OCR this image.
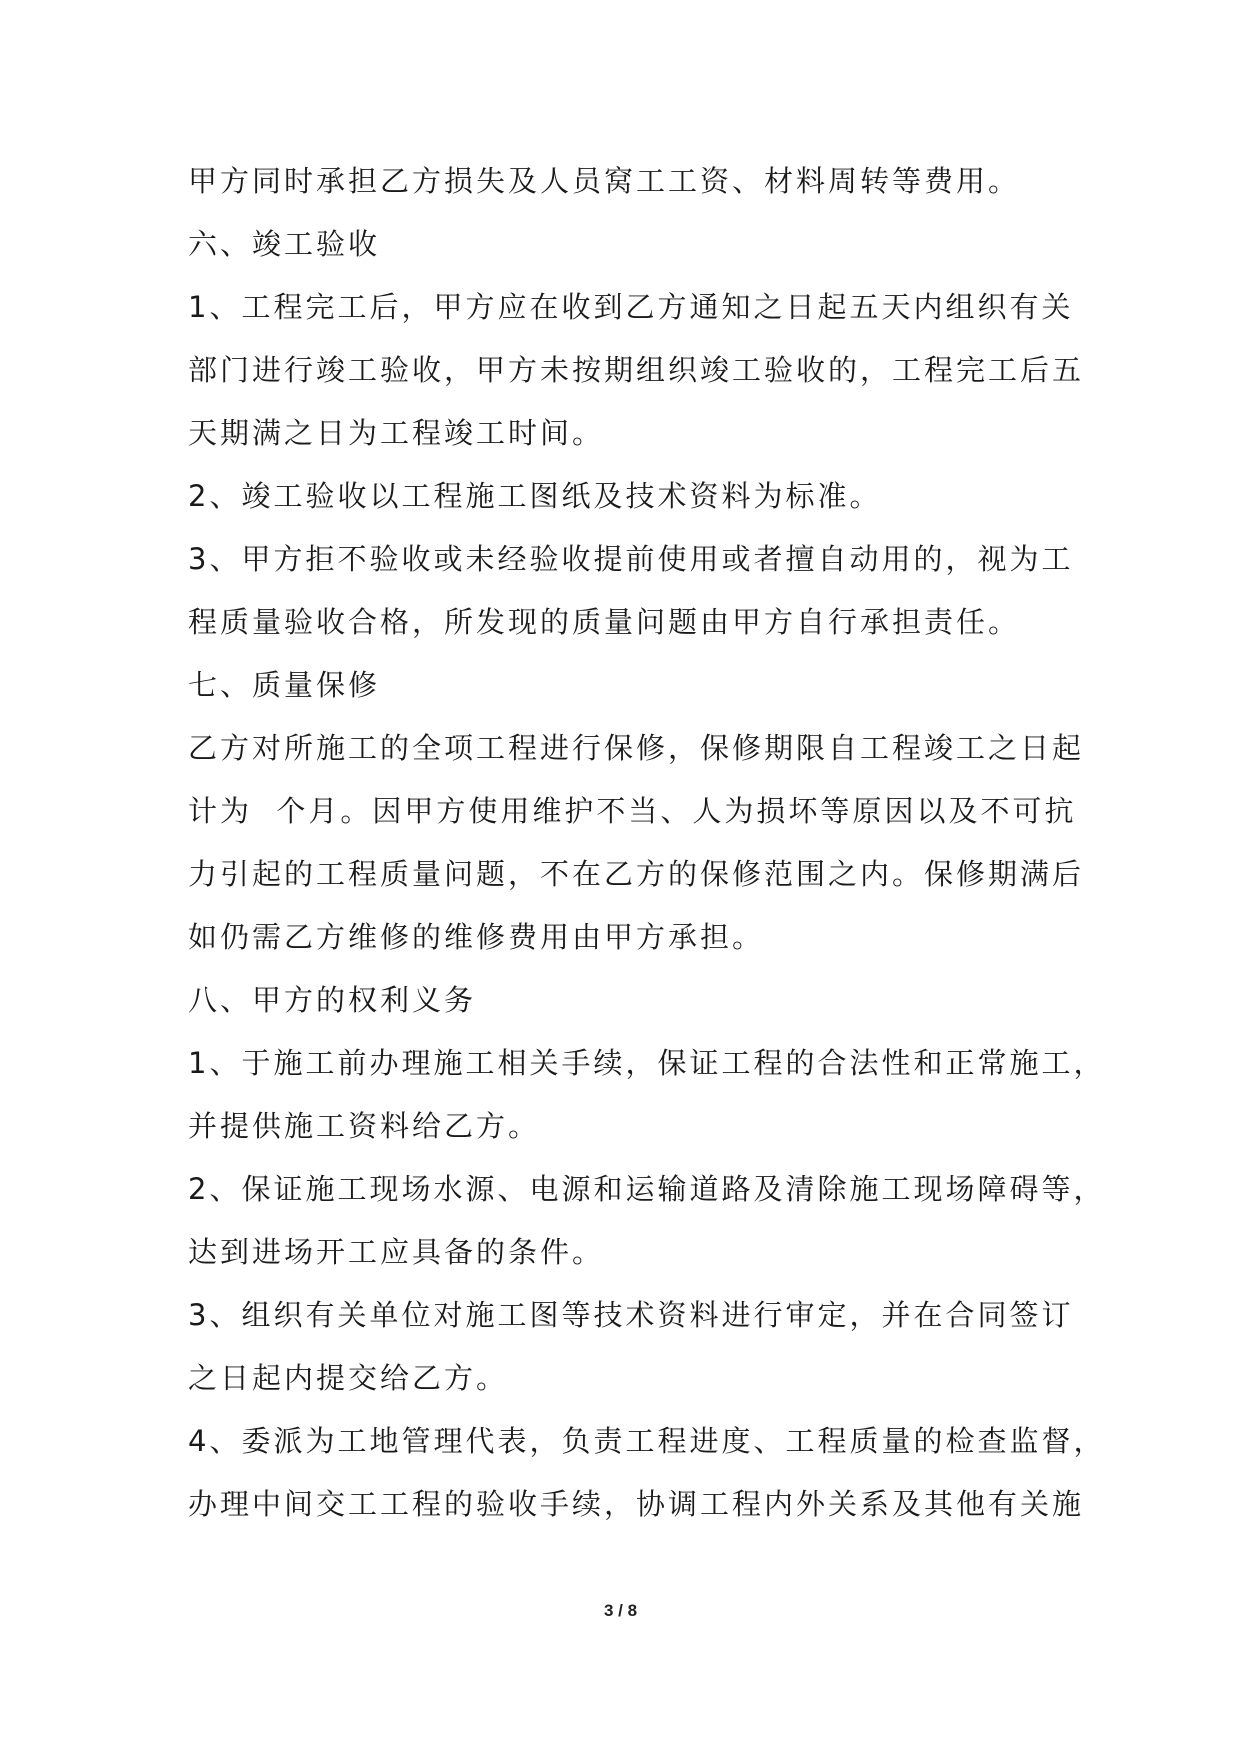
甲方同时承担乙方损失及人员窝工工资、材料周转等费用。
六、竣工验收
1、工程完工后，甲方应在收到乙方通知之日起五天内组织有关
部门进行竣工验收，甲方未按期组织竣工验收的，工程完工后五
天期满之日为工程竣工时间。
2、竣工验收以工程施工图纸及技术资料为标准。
3、甲方拒不验收或未经验收提前使用或者擅自动用的，视为工
程质量验收合格，所发现的质量问题由甲方自行承担责任。
七、质量保修
乙方对所施工的全项工程进行保修，保修期限自工程竣工之日起
计为  个月。因甲方使用维护不当、人为损坏等原因以及不可抗
力引起的工程质量问题，不在乙方的保修范围之内。保修期满后
如仍需乙方维修的维修费用由甲方承担。
八、甲方的权利义务
1、于施工前办理施工相关手续，保证工程的合法性和正常施工，
并提供施工资料给乙方。
2、保证施工现场水源、电源和运输道路及清除施工现场障碍等，
达到进场开工应具备的条件。
3、组织有关单位对施工图等技术资料进行审定，并在合同签订
之日起内提交给乙方。
4、委派为工地管理代表，负责工程进度、工程质量的检查监督，
办理中间交工工程的验收手续，协调工程内外关系及其他有关施
3 / 8
